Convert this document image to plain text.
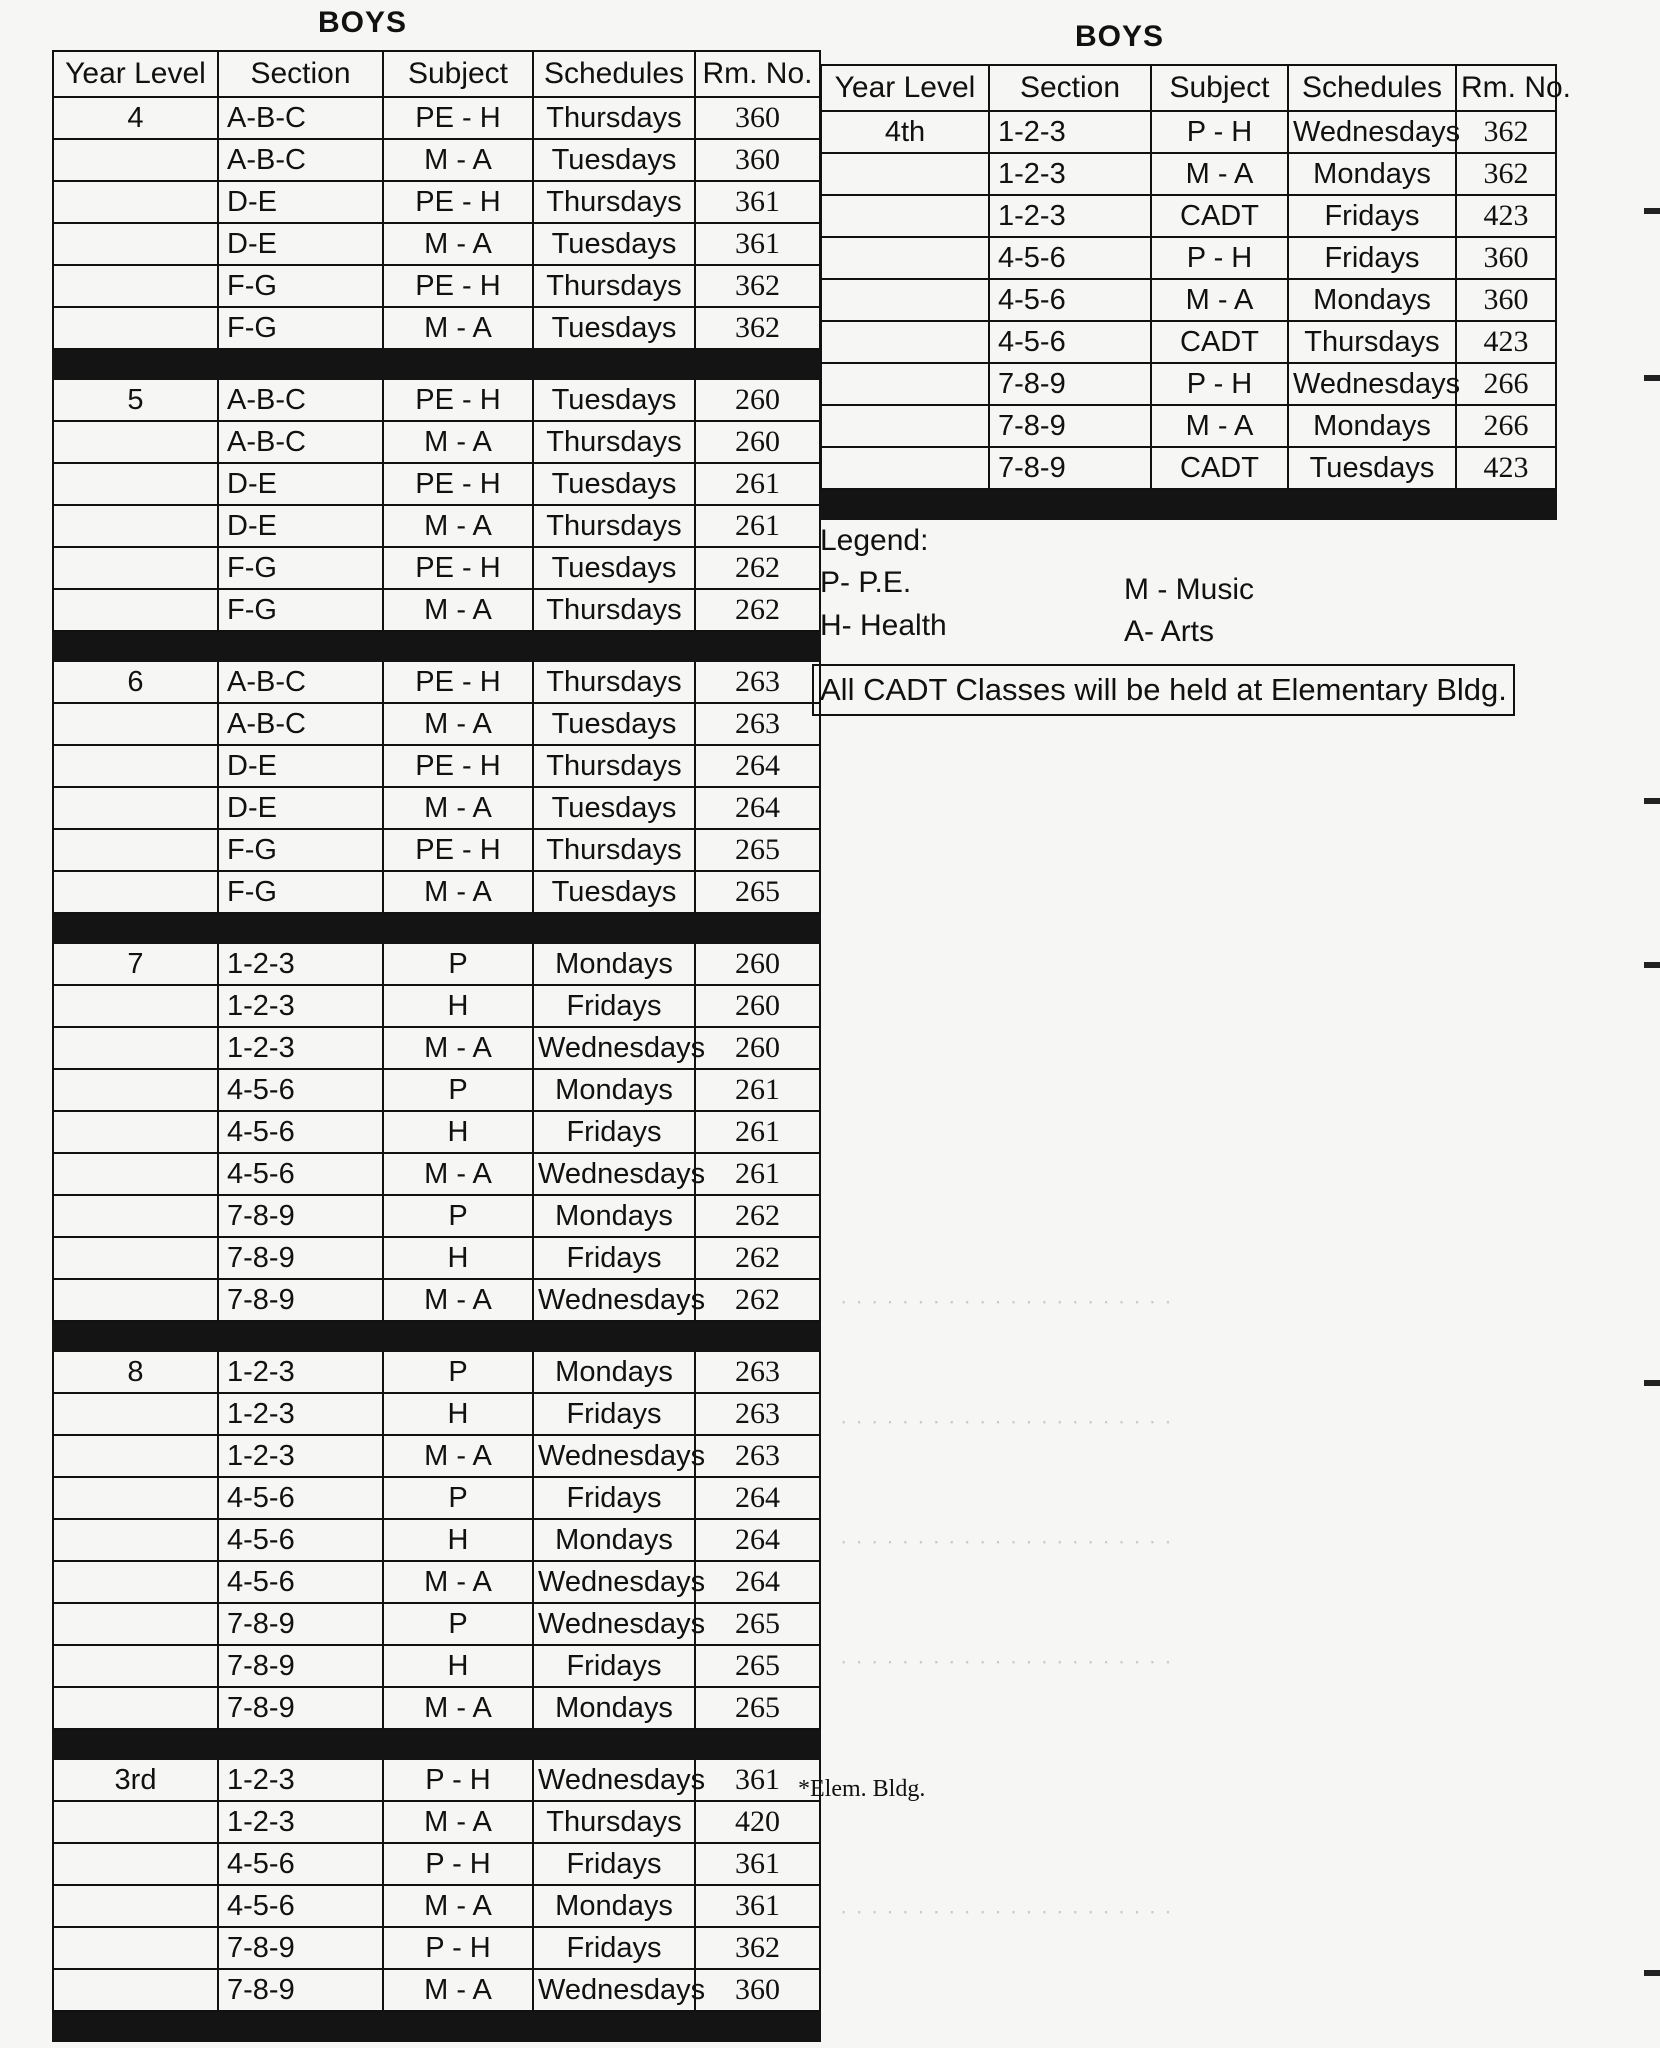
BOYS	BOYS
Year Level	Section	Subject	Schedules	Rm. No.
4	A-B-C	PE - H	Thursdays	360
	A-B-C	M - A	Tuesdays	360
	D-E	PE - H	Thursdays	361
	D-E	M - A	Tuesdays	361
	F-G	PE - H	Thursdays	362
	F-G	M - A	Tuesdays	362

5	A-B-C	PE - H	Tuesdays	260
	A-B-C	M - A	Thursdays	260
	D-E	PE - H	Tuesdays	261
	D-E	M - A	Thursdays	261
	F-G	PE - H	Tuesdays	262
	F-G	M - A	Thursdays	262

6	A-B-C	PE - H	Thursdays	263
	A-B-C	M - A	Tuesdays	263
	D-E	PE - H	Thursdays	264
	D-E	M - A	Tuesdays	264
	F-G	PE - H	Thursdays	265
	F-G	M - A	Tuesdays	265

7	1-2-3	P	Mondays	260
	1-2-3	H	Fridays	260
	1-2-3	M - A	Wednesdays	260
	4-5-6	P	Mondays	261
	4-5-6	H	Fridays	261
	4-5-6	M - A	Wednesdays	261
	7-8-9	P	Mondays	262
	7-8-9	H	Fridays	262
	7-8-9	M - A	Wednesdays	262

8	1-2-3	P	Mondays	263
	1-2-3	H	Fridays	263
	1-2-3	M - A	Wednesdays	263
	4-5-6	P	Fridays	264
	4-5-6	H	Mondays	264
	4-5-6	M - A	Wednesdays	264
	7-8-9	P	Wednesdays	265
	7-8-9	H	Fridays	265
	7-8-9	M - A	Mondays	265

3rd	1-2-3	P - H	Wednesdays	361
	1-2-3	M - A	Thursdays	420
	4-5-6	P - H	Fridays	361
	4-5-6	M - A	Mondays	361
	7-8-9	P - H	Fridays	362
	7-8-9	M - A	Wednesdays	360

Year Level	Section	Subject	Schedules	Rm. No.
4th	1-2-3	P - H	Wednesdays	362
	1-2-3	M - A	Mondays	362
	1-2-3	CADT	Fridays	423
	4-5-6	P - H	Fridays	360
	4-5-6	M - A	Mondays	360
	4-5-6	CADT	Thursdays	423
	7-8-9	P - H	Wednesdays	266
	7-8-9	M - A	Mondays	266
	7-8-9	CADT	Tuesdays	423

Legend:
P- P.E.
H- Health
M - Music
A- Arts
All CADT Classes will be held at Elementary Bldg.
*Elem. Bldg.
· · · · · · · · · · · · · · · · · · · · · ·
· · · · · · · · · · · · · · · · · · · · · ·
· · · · · · · · · · · · · · · · · · · · · ·
· · · · · · · · · · · · · · · · · · · · · ·
· · · · · · · · · · · · · · · · · · · · · ·
